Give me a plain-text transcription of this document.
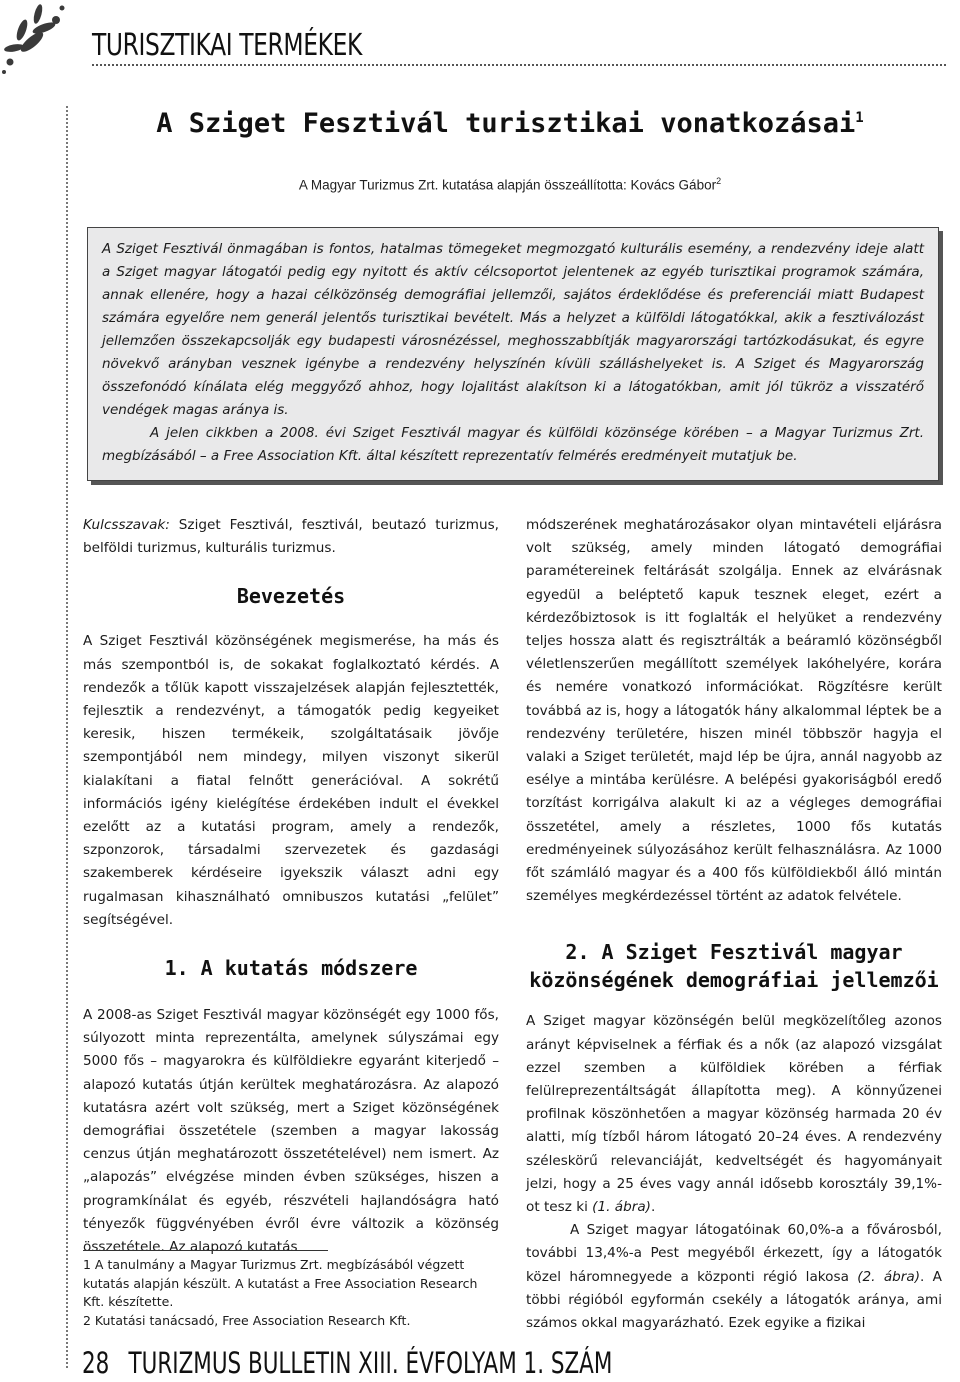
TURISZTIKAI TERMÉKEK
A Sziget Fesztivál turisztikai vonatkozásai$^1$
A Magyar Turizmus Zrt. kutatása alapján összeállította: Kovács Gábor$^2$

A Sziget Fesztivál önmagában is fontos, hatalmas tömegeket megmozgató kulturális esemény, a rendezvény ideje alatt a Sziget magyar látogatói pedig egy nyitott és aktív célcsoportot jelentenek az egyéb turisztikai programok számára, annak ellenére, hogy a hazai célközönség demográfiai jellemzői, sajátos érdeklődése és preferenciái miatt Budapest számára egyelőre nem generál jelentős turisztikai bevételt. Más a helyzet a külföldi látogatókkal, akik a fesztiválozást jellemzően összekapcsolják egy budapesti városnézéssel, meghosszabbítják magyarországi tartózkodásukat, és egyre növekvő arányban vesznek igénybe a rendezvény helyszínén kívüli szálláshelyeket is. A Sziget és Magyarország összefonódó kínálata elég meggyőző ahhoz, hogy lojalitást alakítson ki a látogatókban, amit jól tükröz a visszatérő vendégek magas aránya is.

A jelen cikkben a 2008. évi Sziget Fesztivál magyar és külföldi közönsége körében – a Magyar Turizmus Zrt. megbízásából – a Free Association Kft. által készített reprezentatív felmérés eredményeit mutatjuk be.

Kulcsszavak: Sziget Fesztivál, fesztivál, beutazó turizmus, belföldi turizmus, kulturális turizmus.

Bevezetés

A Sziget Fesztivál közönségének megismerése, ha más és más szempontból is, de sokakat foglalkoztató kérdés. A rendezők a tőlük kapott visszajelzések alapján fejlesztették, fejlesztik a rendezvényt, a támogatók pedig kegyeiket keresik, hiszen termékeik, szolgáltatásaik jövője szempontjából nem mindegy, milyen viszonyt sikerül kialakítani a fiatal felnőtt generációval. A sokrétű információs igény kielégítése érdekében indult el évekkel ezelőtt az a kutatási program, amely a rendezők, szponzorok, társadalmi szervezetek és gazdasági szakemberek kérdéseire igyekszik választ adni egy rugalmasan kihasználható omnibuszos kutatási „felület” segítségével.

1. A kutatás módszere

A 2008-as Sziget Fesztivál magyar közönségét egy 1000 fős, súlyozott minta reprezentálta, amelynek súlyszámai egy 5000 fős – magyarokra és külföldiekre egyaránt kiterjedő – alapozó kutatás útján kerültek meghatározásra. Az alapozó kutatásra azért volt szükség, mert a Sziget közönségének demográfiai összetétele (szemben a magyar lakosság cenzus útján meghatározott összetételével) nem ismert. Az „alapozás” elvégzése minden évben szükséges, hiszen a programkínálat és egyéb, részvételi hajlandóságra ható tényezők függvényében évről évre változik a közönség összetétele. Az alapozó kutatás

módszerének meghatározásakor olyan mintavételi eljárásra volt szükség, amely minden látogató demográfiai paramétereinek feltárását szolgálja. Ennek az elvárásnak egyedül a beléptető kapuk tesznek eleget, ezért a kérdezőbiztosok is itt foglalták el helyüket a rendezvény teljes hossza alatt és regisztrálták a beáramló közönségből véletlenszerűen megállított személyek lakóhelyére, korára és nemére vonatkozó információkat. Rögzítésre került továbbá az is, hogy a látogatók hány alkalommal léptek be a rendezvény területére, hiszen minél többször hagyja el valaki a Sziget területét, majd lép be újra, annál nagyobb az esélye a mintába kerülésre. A belépési gyakoriságból eredő torzítást korrigálva alakult ki az a végleges demográfiai összetétel, amely a részletes, 1000 fős kutatás eredményeinek súlyozásához került felhasználásra. Az 1000 főt számláló magyar és a 400 fős külföldiekből álló mintán személyes megkérdezéssel történt az adatok felvétele.

2. A Sziget Fesztivál magyar közönségének demográfiai jellemzői

A Sziget magyar közönségén belül megközelítőleg azonos arányt képviselnek a férfiak és a nők (az alapozó vizsgálat ezzel szemben a külföldiek körében a férfiak felülreprezentáltságát állapította meg). A könnyűzenei profilnak köszönhetően a magyar közönség harmada 20 év alatti, míg tízből három látogató 20–24 éves. A rendezvény széleskörű relevanciáját, kedveltségét és hagyományait jelzi, hogy a 25 éves vagy annál idősebb korosztály 39,1%-ot tesz ki (1. ábra).

A Sziget magyar látogatóinak 60,0%-a a fővárosból, további 13,4%-a Pest megyéből érkezett, így a látogatók közel háromnegyede a központi régió lakosa (2. ábra). A többi régióból egyformán csekély a látogatók aránya, ami számos okkal magyarázható. Ezek egyike a fizikai

1 A tanulmány a Magyar Turizmus Zrt. megbízásából végzett kutatás alapján készült. A kutatást a Free Association Research Kft. készítette.

2 Kutatási tanácsadó, Free Association Research Kft.

28 TURIZMUS BULLETIN XIII. ÉVFOLYAM 1. SZÁM
